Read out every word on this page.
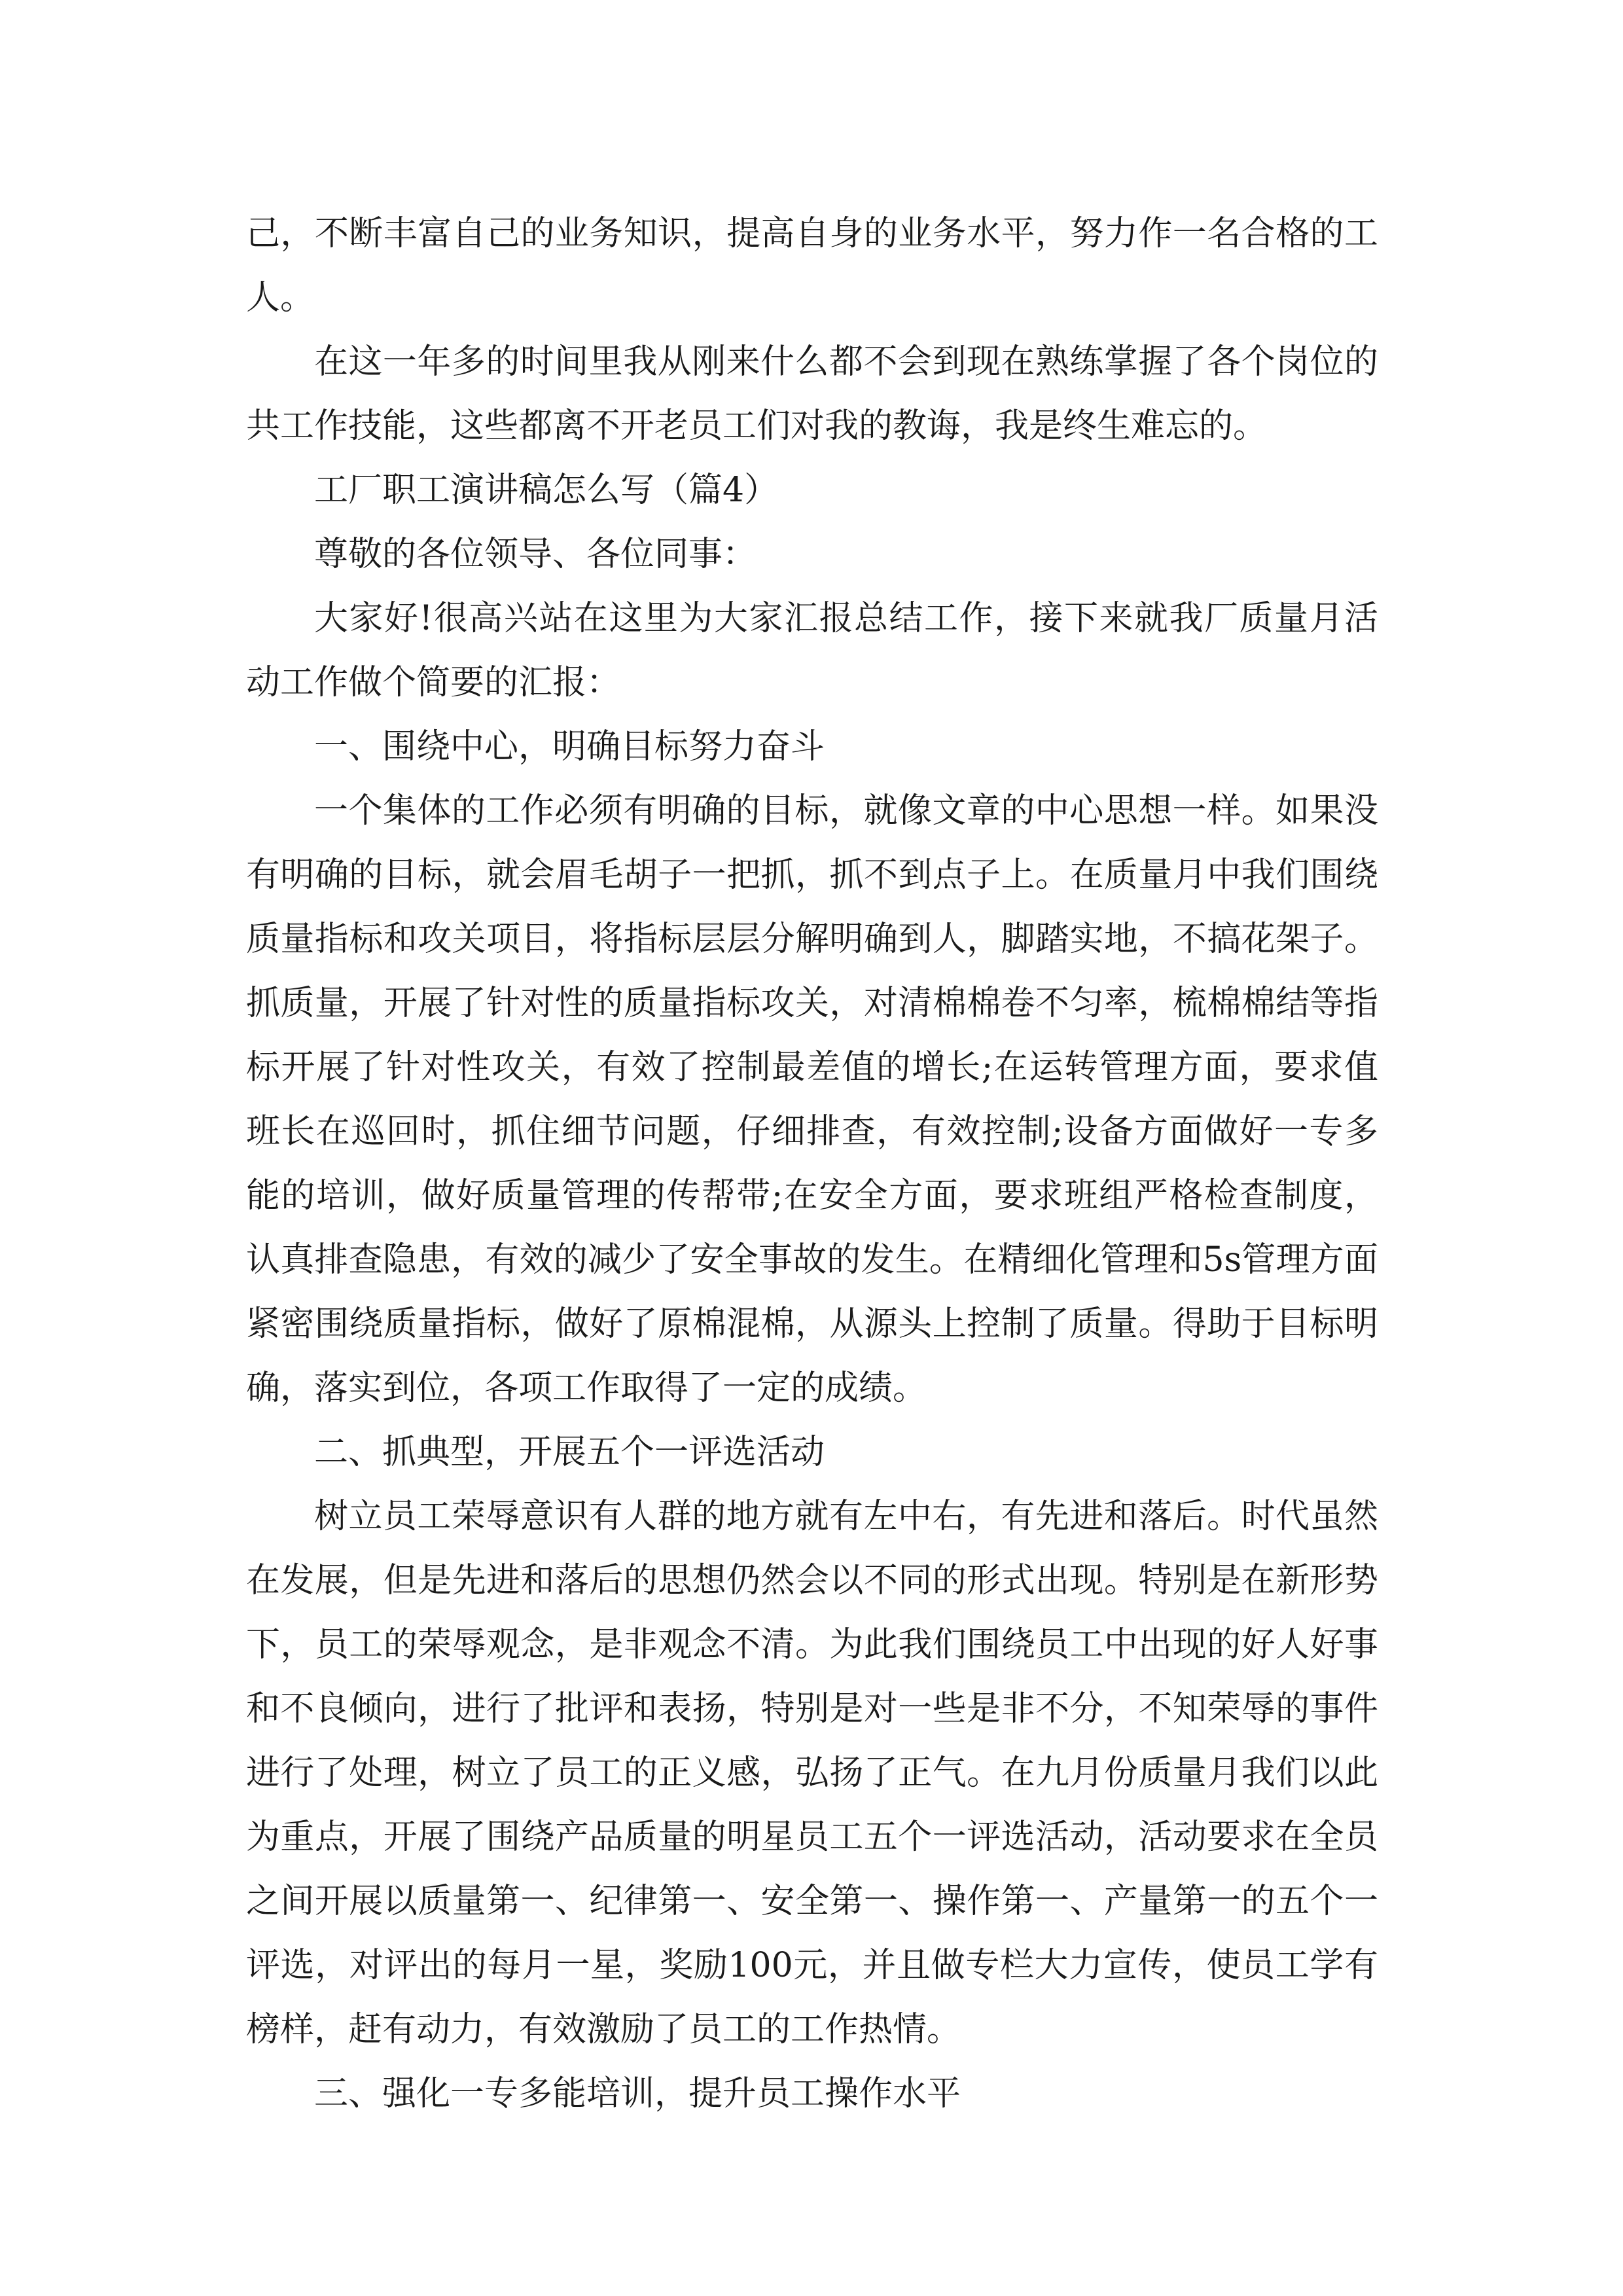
己，不断丰富自己的业务知识，提高自身的业务水平，努力作一名合格的工人。

在这一年多的时间里我从刚来什么都不会到现在熟练掌握了各个岗位的共工作技能，这些都离不开老员工们对我的教诲，我是终生难忘的。

工厂职工演讲稿怎么写（篇4）

尊敬的各位领导、各位同事：

大家好!很高兴站在这里为大家汇报总结工作，接下来就我厂质量月活动工作做个简要的汇报：

一、围绕中心，明确目标努力奋斗

一个集体的工作必须有明确的目标，就像文章的中心思想一样。如果没有明确的目标，就会眉毛胡子一把抓，抓不到点子上。在质量月中我们围绕质量指标和攻关项目，将指标层层分解明确到人，脚踏实地，不搞花架子。抓质量，开展了针对性的质量指标攻关，对清棉棉卷不匀率，梳棉棉结等指标开展了针对性攻关，有效了控制最差值的增长;在运转管理方面，要求值班长在巡回时，抓住细节问题，仔细排查，有效控制;设备方面做好一专多能的培训，做好质量管理的传帮带;在安全方面，要求班组严格检查制度，认真排查隐患，有效的减少了安全事故的发生。在精细化管理和5s管理方面紧密围绕质量指标，做好了原棉混棉，从源头上控制了质量。得助于目标明确，落实到位，各项工作取得了一定的成绩。

二、抓典型，开展五个一评选活动

树立员工荣辱意识有人群的地方就有左中右，有先进和落后。时代虽然在发展，但是先进和落后的思想仍然会以不同的形式出现。特别是在新形势下，员工的荣辱观念，是非观念不清。为此我们围绕员工中出现的好人好事和不良倾向，进行了批评和表扬，特别是对一些是非不分，不知荣辱的事件进行了处理，树立了员工的正义感，弘扬了正气。在九月份质量月我们以此为重点，开展了围绕产品质量的明星员工五个一评选活动，活动要求在全员之间开展以质量第一、纪律第一、安全第一、操作第一、产量第一的五个一评选，对评出的每月一星，奖励100元，并且做专栏大力宣传，使员工学有榜样，赶有动力，有效激励了员工的工作热情。

三、强化一专多能培训，提升员工操作水平
